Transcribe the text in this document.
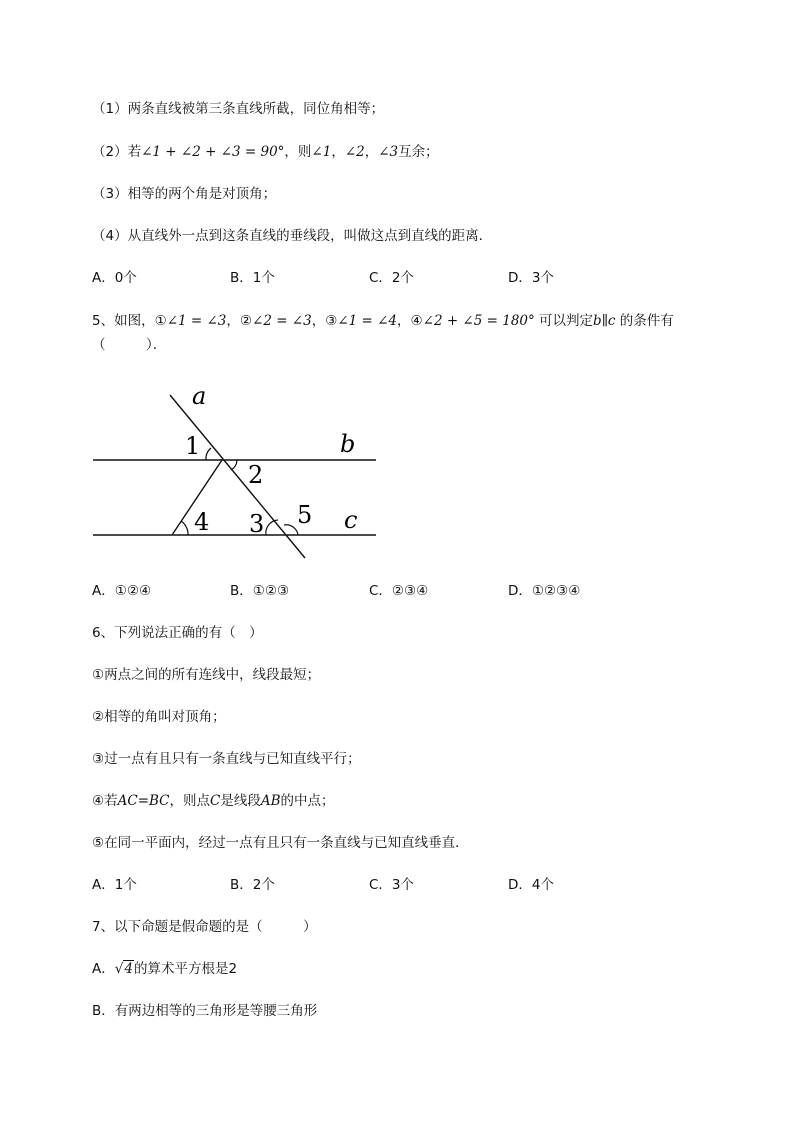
（1）两条直线被第三条直线所截，同位角相等；
（2）若∠1 + ∠2 + ∠3 = 90°，则∠1，∠2，∠3互余；
（3）相等的两个角是对顶角；
（4）从直线外一点到这条直线的垂线段，叫做这点到直线的距离．
A．0个	B．1个	C．2个	D．3个
5、如图，①∠1 = ∠3，②∠2 = ∠3，③∠1 = ∠4，④∠2 + ∠5 = 180° 可以判定b∥c 的条件有
（　　　）．
a
b
c
1
2
4 3 5
A．①②④	B．①②③	C．②③④	D．①②③④
6、下列说法正确的有（　）
①两点之间的所有连线中，线段最短；
②相等的角叫对顶角；
③过一点有且只有一条直线与已知直线平行；
④若AC=BC，则点C是线段AB的中点；
⑤在同一平面内，经过一点有且只有一条直线与已知直线垂直．
A．1个	B．2个	C．3个	D．4个
7、以下命题是假命题的是（　　　）
A．√4的算术平方根是2
B．有两边相等的三角形是等腰三角形
